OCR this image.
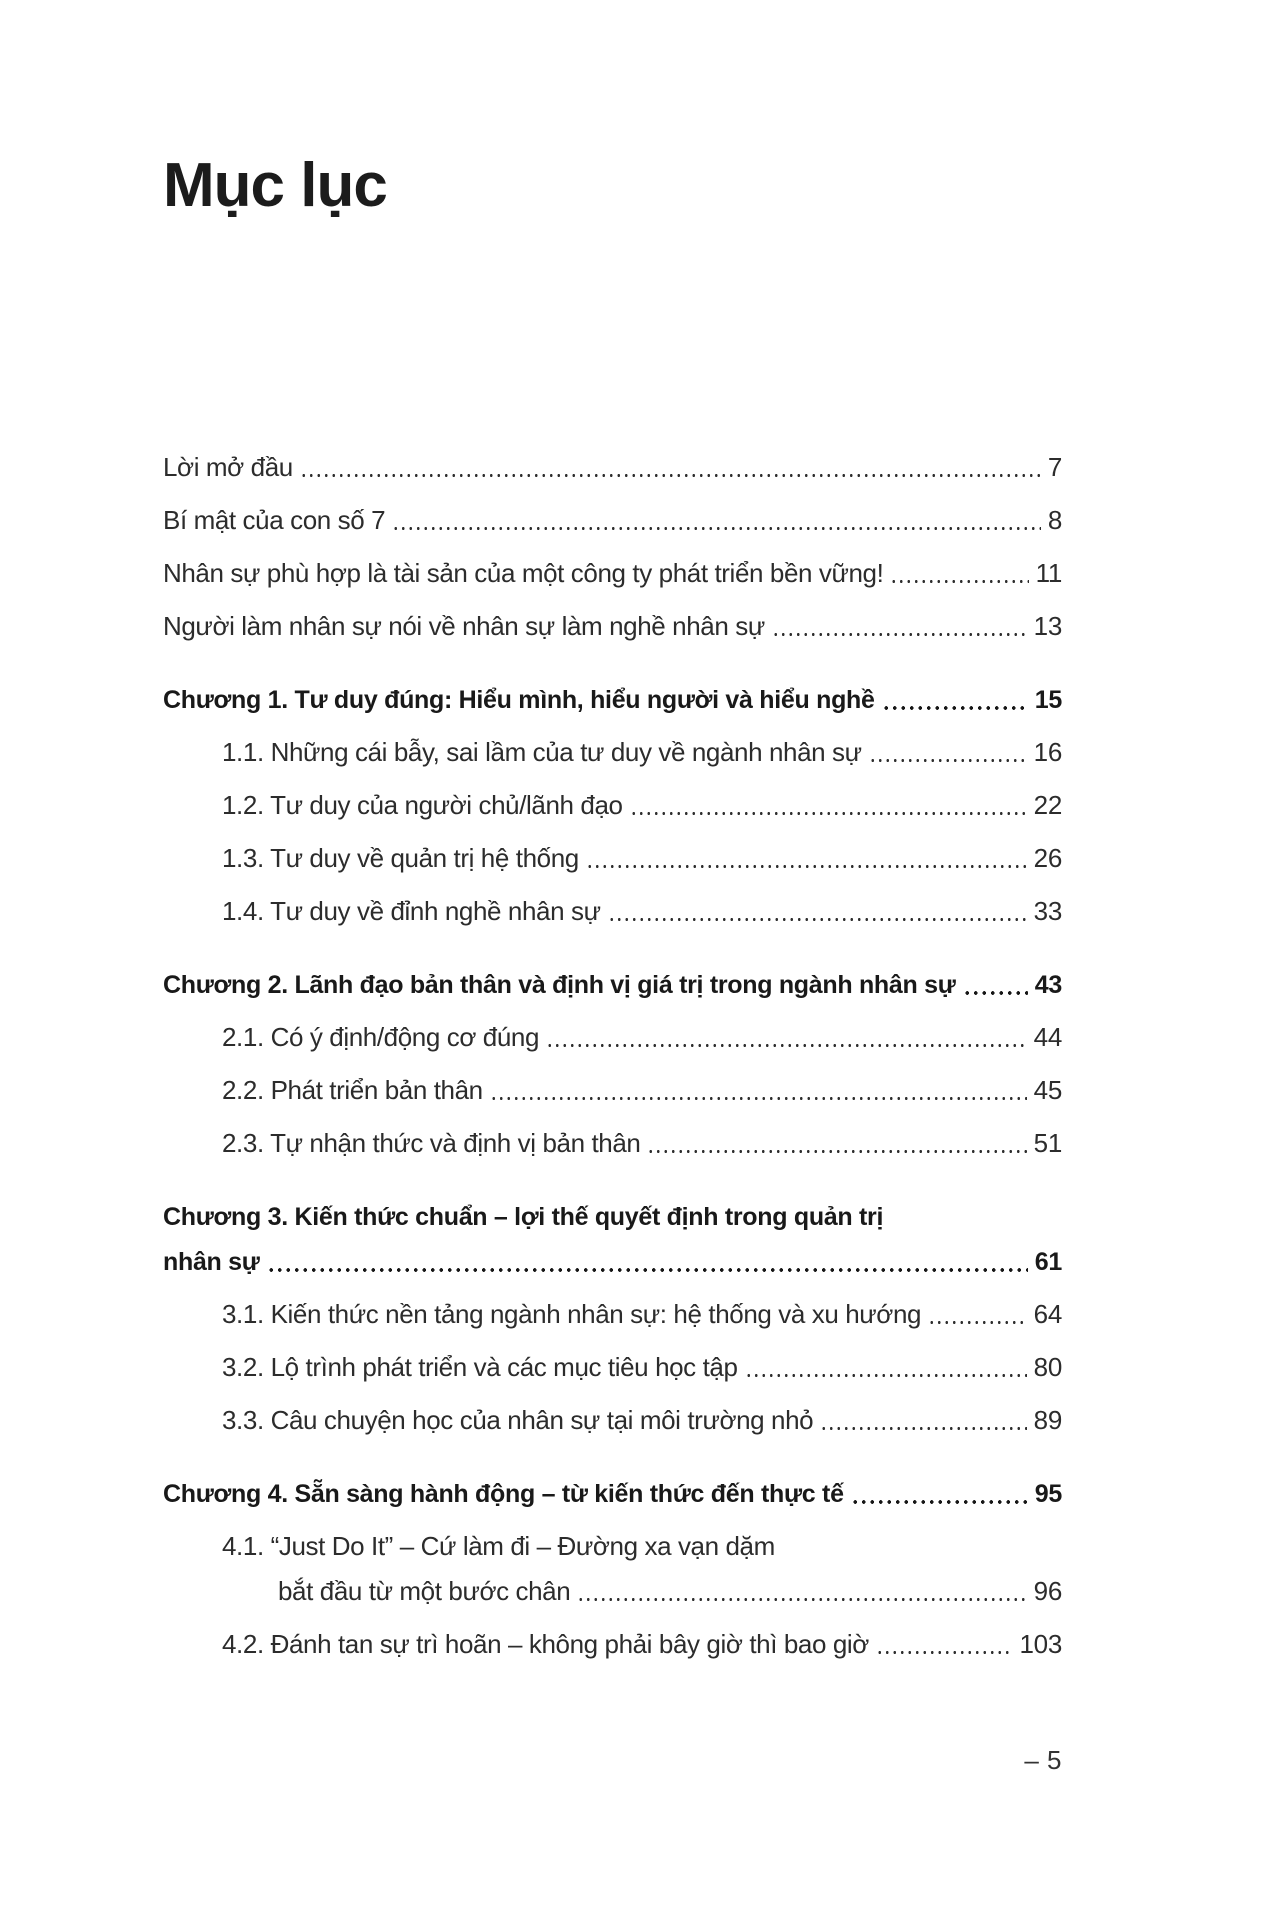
Mục lục
Lời mở đầu	7
Bí mật của con số 7	8
Nhân sự phù hợp là tài sản của một công ty phát triển bền vững!	11
Người làm nhân sự nói về nhân sự làm nghề nhân sự	13
Chương 1. Tư duy đúng: Hiểu mình, hiểu người và hiểu nghề	15
1.1. Những cái bẫy, sai lầm của tư duy về ngành nhân sự	16
1.2. Tư duy của người chủ/lãnh đạo	22
1.3. Tư duy về quản trị hệ thống	26
1.4. Tư duy về đỉnh nghề nhân sự	33
Chương 2. Lãnh đạo bản thân và định vị giá trị trong ngành nhân sự	43
2.1. Có ý định/động cơ đúng	44
2.2. Phát triển bản thân	45
2.3. Tự nhận thức và định vị bản thân	51
Chương 3. Kiến thức chuẩn – lợi thế quyết định trong quản trị
nhân sự	61
3.1. Kiến thức nền tảng ngành nhân sự: hệ thống và xu hướng	64
3.2. Lộ trình phát triển và các mục tiêu học tập	80
3.3. Câu chuyện học của nhân sự tại môi trường nhỏ	89
Chương 4. Sẵn sàng hành động – từ kiến thức đến thực tế	95
4.1. “Just Do It” – Cứ làm đi – Đường xa vạn dặm
bắt đầu từ một bước chân	96
4.2. Đánh tan sự trì hoãn – không phải bây giờ thì bao giờ	103
– 5
